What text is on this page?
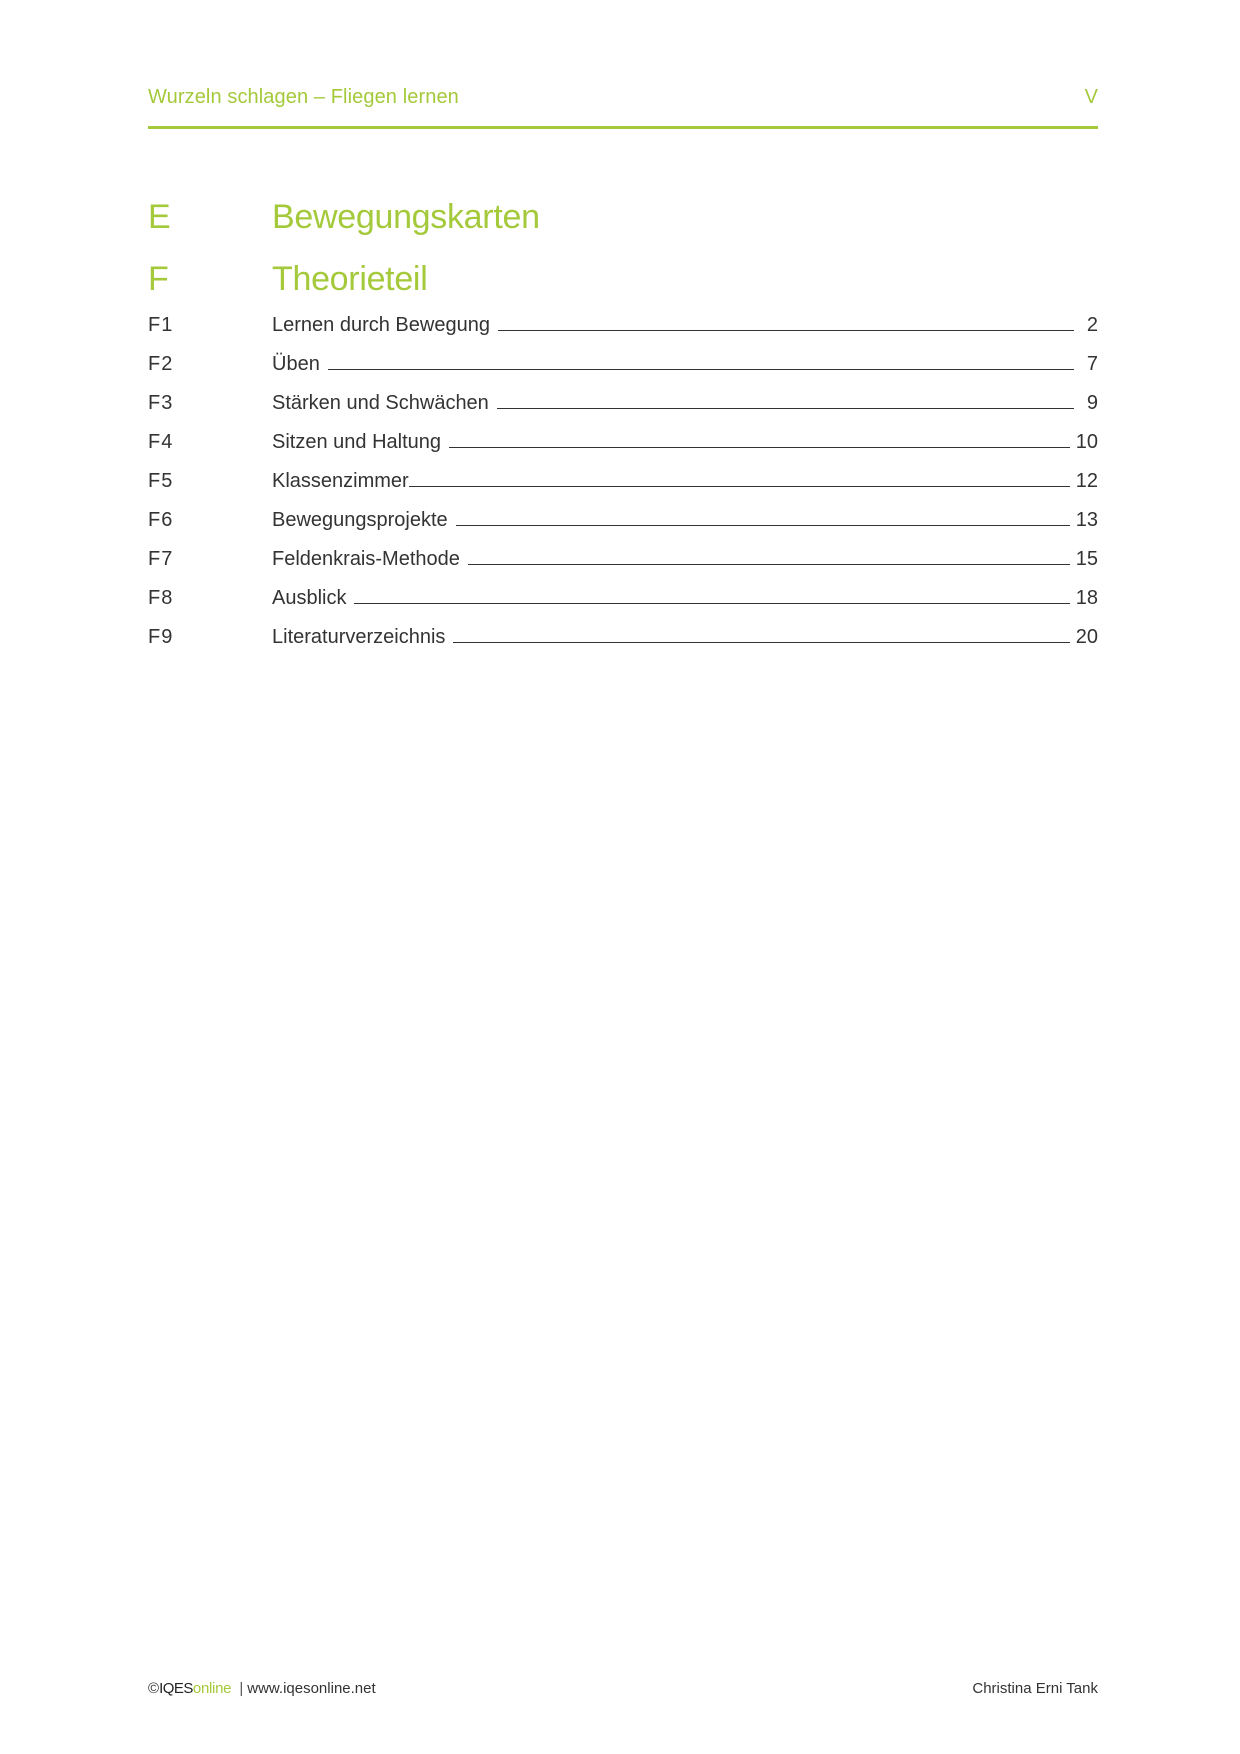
Wurzeln schlagen – Fliegen lernen	V
E	Bewegungskarten
F	Theorieteil
F1	Lernen durch Bewegung	2
F2	Üben	7
F3	Stärken und Schwächen	9
F4	Sitzen und Haltung	10
F5	Klassenzimmer	12
F6	Bewegungsprojekte	13
F7	Feldenkrais-Methode	15
F8	Ausblick	18
F9	Literaturverzeichnis	20
©IQESonline | www.iqesonline.net	Christina Erni Tank
